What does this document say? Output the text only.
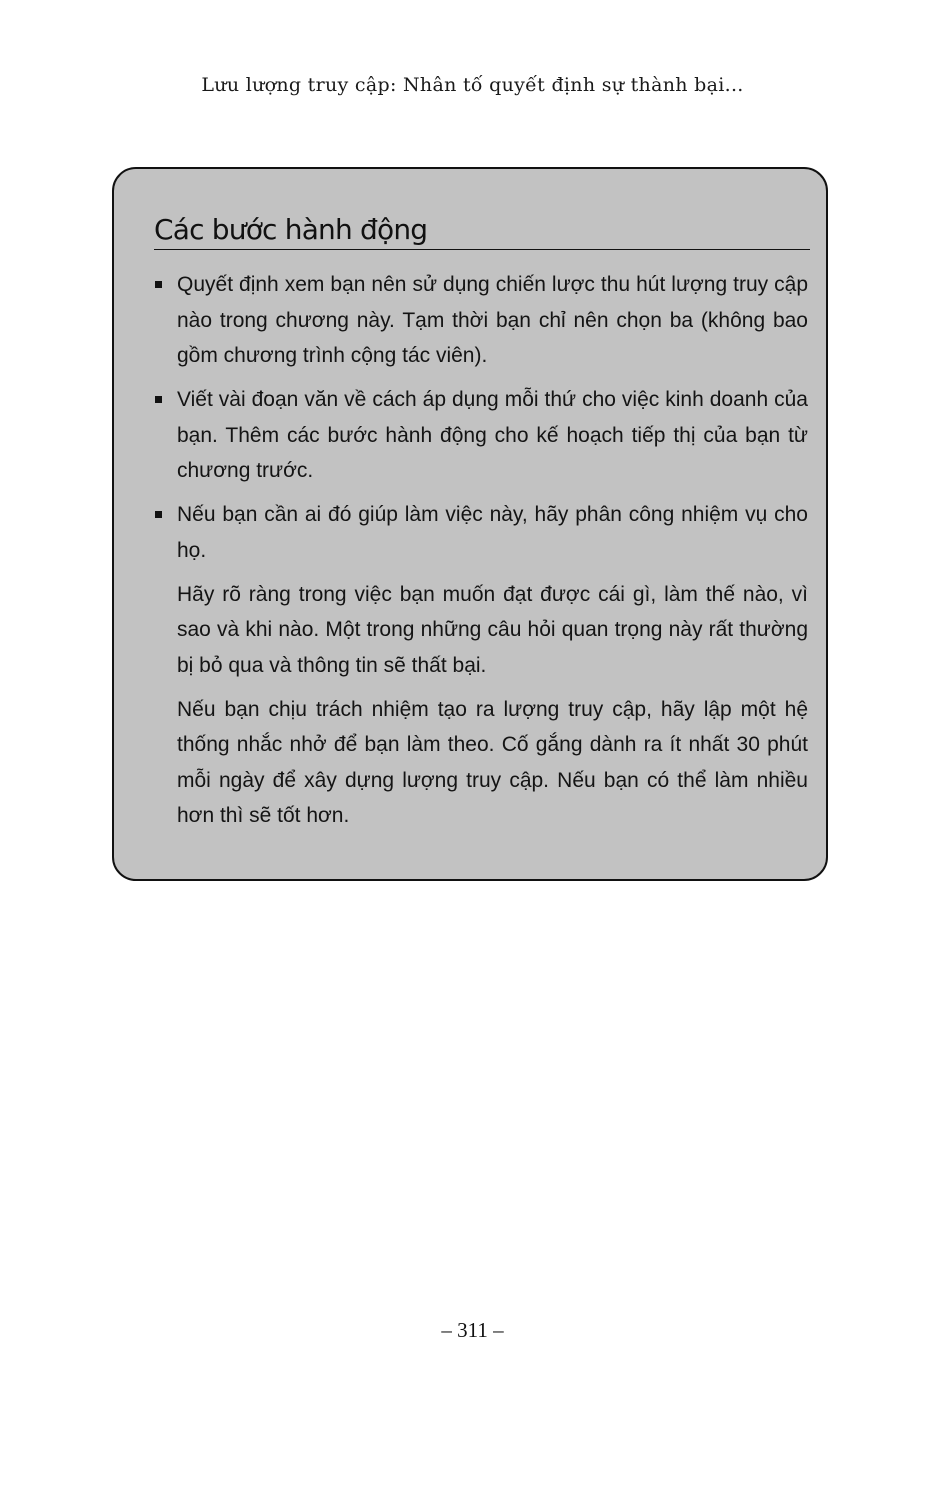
Lưu lượng truy cập: Nhân tố quyết định sự thành bại...
Các bước hành động
Quyết định xem bạn nên sử dụng chiến lược thu hút lượng truy cập nào trong chương này. Tạm thời bạn chỉ nên chọn ba (không bao gồm chương trình cộng tác viên).
Viết vài đoạn văn về cách áp dụng mỗi thứ cho việc kinh doanh của bạn. Thêm các bước hành động cho kế hoạch tiếp thị của bạn từ chương trước.
Nếu bạn cần ai đó giúp làm việc này, hãy phân công nhiệm vụ cho họ.

Hãy rõ ràng trong việc bạn muốn đạt được cái gì, làm thế nào, vì sao và khi nào. Một trong những câu hỏi quan trọng này rất thường bị bỏ qua và thông tin sẽ thất bại.

Nếu bạn chịu trách nhiệm tạo ra lượng truy cập, hãy lập một hệ thống nhắc nhở để bạn làm theo. Cố gắng dành ra ít nhất 30 phút mỗi ngày để xây dựng lượng truy cập. Nếu bạn có thể làm nhiều hơn thì sẽ tốt hơn.

– 311 –
